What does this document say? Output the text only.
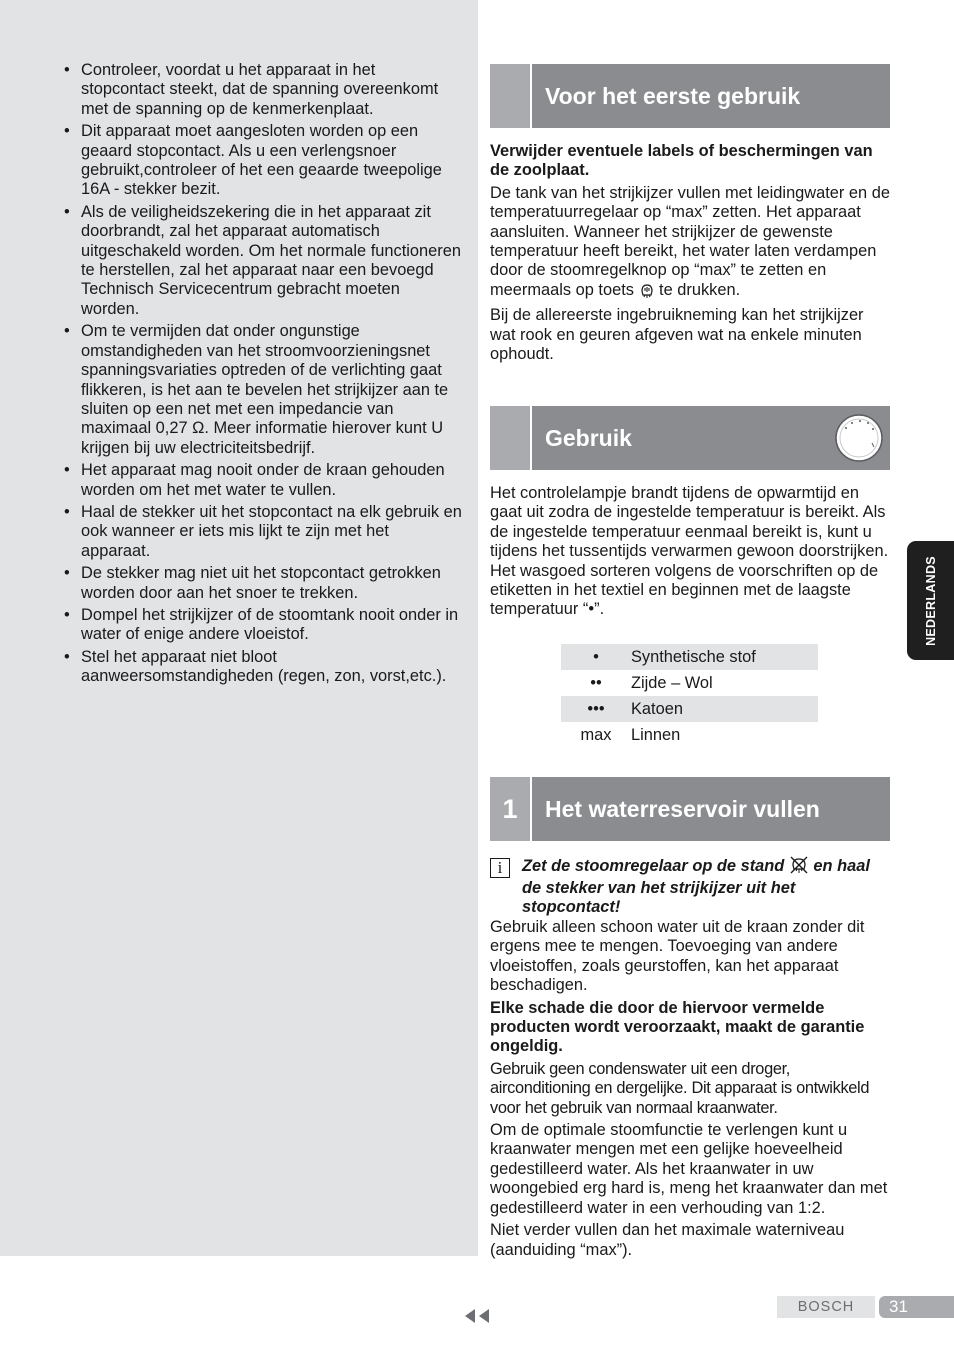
• Controleer, voordat u het apparaat in het stopcontact steekt, dat de spanning overeenkomt met de spanning op de kenmerkenplaat.
• Dit apparaat moet aangesloten worden op een geaard stopcontact. Als u een verlengsnoer gebruikt,controleer of het een geaarde tweepolige 16A - stekker bezit.
• Als de veiligheidszekering die in het apparaat zit doorbrandt, zal het apparaat automatisch uitgeschakeld worden. Om het normale functioneren te herstellen, zal het apparaat naar een bevoegd Technisch Servicecentrum gebracht moeten worden.
• Om te vermijden dat onder ongunstige omstandigheden van het stroomvoorzieningsnet spanningsvariaties optreden of de verlichting gaat flikkeren, is het aan te bevelen het strijkijzer aan te sluiten op een net met een impedancie van maximaal 0,27 Ω. Meer informatie hierover kunt U krijgen bij uw electriciteitsbedrijf.
• Het apparaat mag nooit onder de kraan gehouden worden om het met water te vullen.
• Haal de stekker uit het stopcontact na elk gebruik en ook wanneer er iets mis lijkt te zijn met het apparaat.
• De stekker mag niet uit het stopcontact getrokken worden door aan het snoer te trekken.
• Dompel het strijkijzer of de stoomtank nooit onder in water of enige andere vloeistof.
• Stel het apparaat niet bloot aanweersomstandigheden (regen, zon, vorst,etc.).
Voor het eerste gebruik

Verwijder eventuele labels of beschermingen van de zoolplaat.

De tank van het strijkijzer vullen met leidingwater en de temperatuurregelaar op “max” zetten. Het apparaat aansluiten. Wanneer het strijkijzer de gewenste temperatuur heeft bereikt, het water laten verdampen door de stoomregelknop op “max” te zetten en meermaals op toets  te drukken.

Bij de allereerste ingebruikneming kan het strijkijzer wat rook en geuren afgeven wat na enkele minuten ophoudt.

Gebruik

Het controlelampje brandt tijdens de opwarmtijd en gaat uit zodra de ingestelde temperatuur is bereikt. Als de ingestelde temperatuur eenmaal bereikt is, kunt u tijdens het tussentijds verwarmen gewoon doorstrijken. Het wasgoed sorteren volgens de voorschriften op de etiketten in het textiel en beginnen met de laagste temperatuur “•”.

•	Synthetische stof
••	Zijde – Wol
•••	Katoen
max	Linnen
1	Het waterreservoir vullen
i	Zet de stoomregelaar op de stand  en haal de stekker van het strijkijzer uit het stopcontact!

Gebruik alleen schoon water uit de kraan zonder dit ergens mee te mengen. Toevoeging van andere vloeistoffen, zoals geurstoffen, kan het apparaat beschadigen.

Elke schade die door de hiervoor vermelde producten wordt veroorzaakt, maakt de garantie ongeldig.

Gebruik geen condenswater uit een droger, airconditioning en dergelijke. Dit apparaat is ontwikkeld voor het gebruik van normaal kraanwater.

Om de optimale stoomfunctie te verlengen kunt u kraanwater mengen met een gelijke hoeveelheid gedestilleerd water. Als het kraanwater in uw woongebied erg hard is, meng het kraanwater dan met gedestilleerd water in een verhouding van 1:2.

Niet verder vullen dan het maximale waterniveau (aanduiding “max”).

NEDERLANDS
BOSCH	31
